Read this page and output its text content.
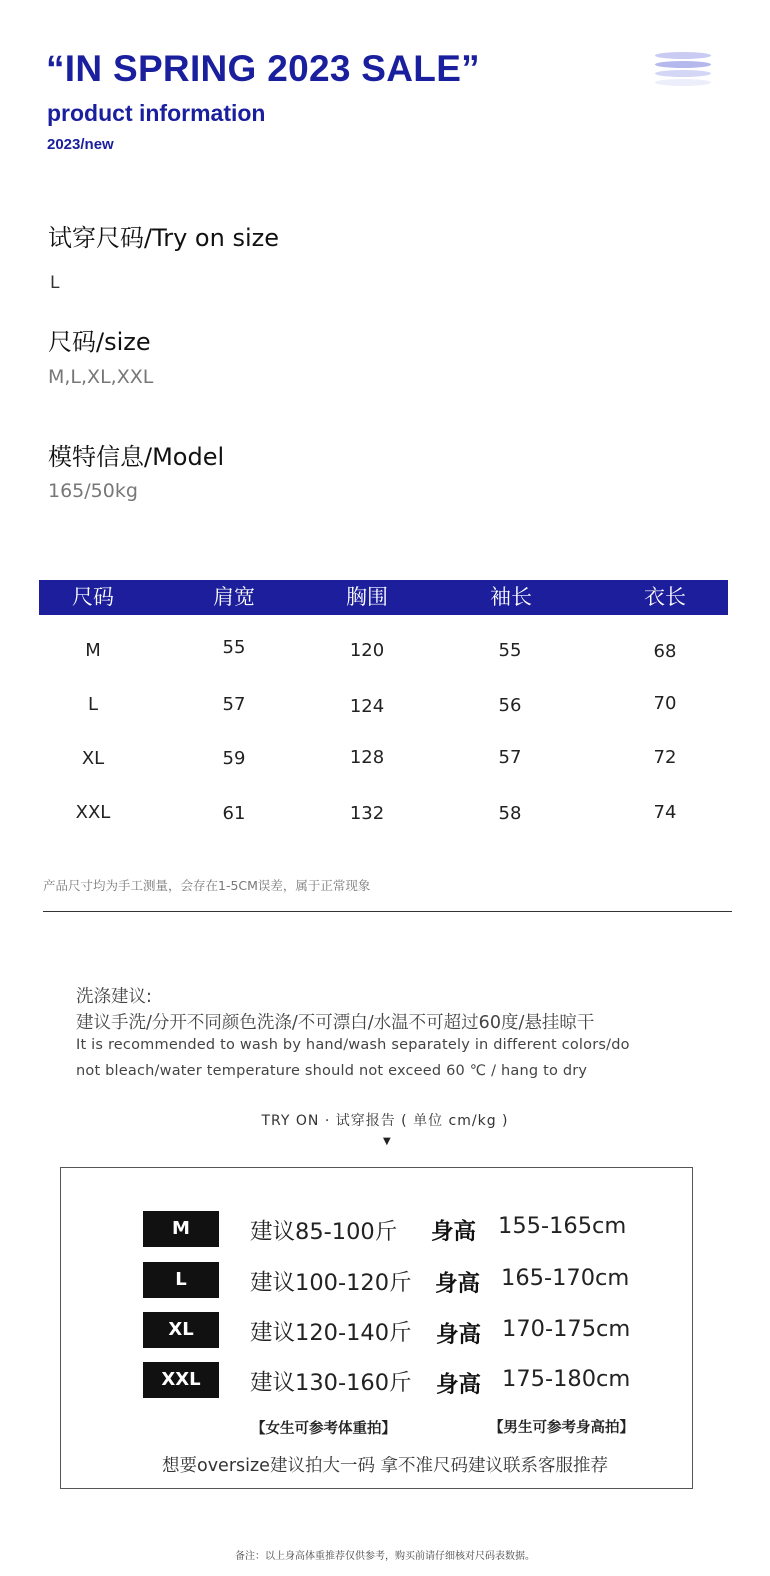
“IN SPRING 2023 SALE”
product information
2023/new
试穿尺码/Try on size
L
尺码/size
M,L,XL,XXL
模特信息/Model
165/50kg
尺码	肩宽	胸围	袖长	衣长
M	55	120	55	68
L	57	124	56	70
XL	59	128	57	72
XXL	61	132	58	74
产品尺寸均为手工测量，会存在1-5CM误差，属于正常现象
洗涤建议:
建议手洗/分开不同颜色洗涤/不可漂白/水温不可超过60度/悬挂晾干
It is recommended to wash by hand/wash separately in different colors/do
not bleach/water temperature should not exceed 60 ℃ / hang to dry
TRY ON · 试穿报告 ( 单位 cm/kg )
▼
M	建议85-100斤 身高 155-165cm
L	建议100-120斤 身高 165-170cm
XL	建议120-140斤 身高 170-175cm
XXL	建议130-160斤 身高 175-180cm
【女生可参考体重拍】	【男生可参考身高拍】
想要oversize建议拍大一码 拿不准尺码建议联系客服推荐
备注：以上身高体重推荐仅供参考，购买前请仔细核对尺码表数据。
